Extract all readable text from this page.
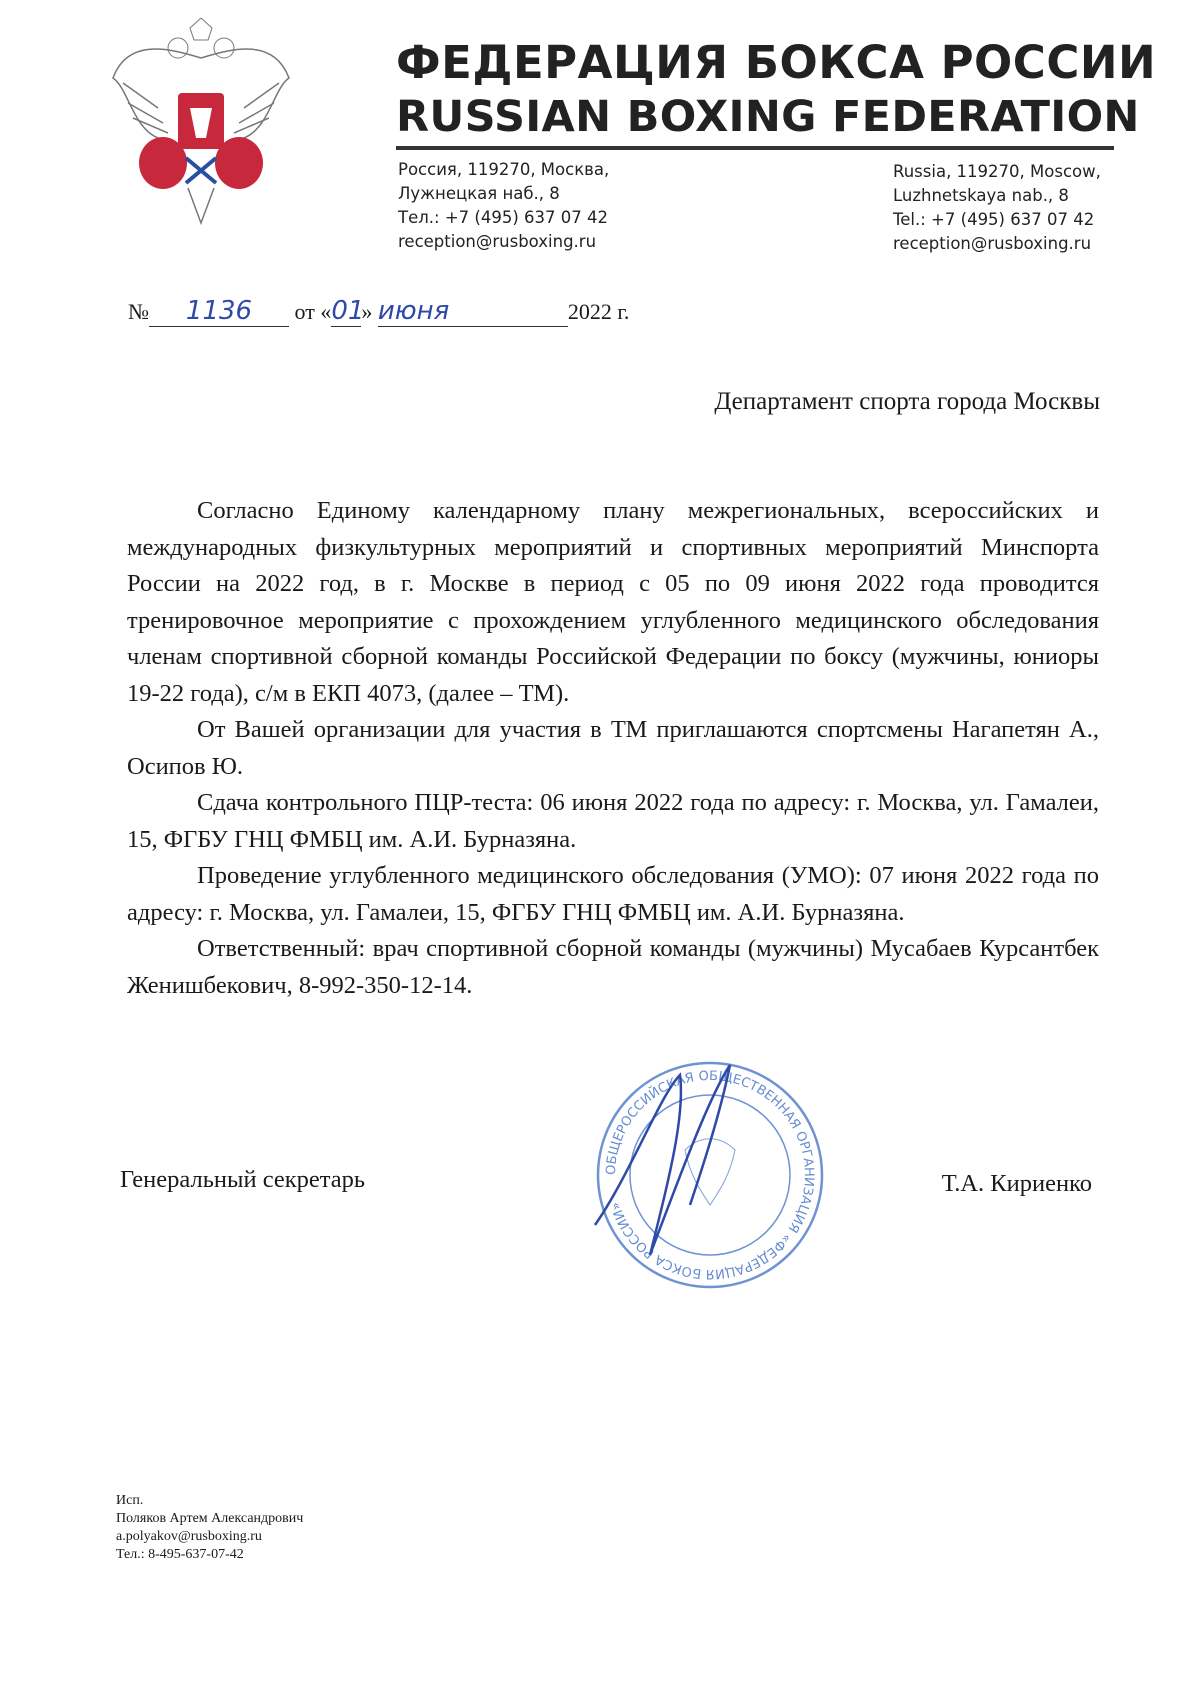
ФЕДЕРАЦИЯ БОКСА РОССИИ
RUSSIAN BOXING FEDERATION
Россия, 119270, Москва,
Лужнецкая наб., 8
Тел.: +7 (495) 637 07 42
reception@rusboxing.ru
Russia, 119270, Moscow,
Luzhnetskaya nab., 8
Tel.: +7 (495) 637 07 42
reception@rusboxing.ru
№ 1136 от «01» июня	2022 г.
Департамент спорта города Москвы

Согласно Единому календарному плану межрегиональных, всероссийских и международных физкультурных мероприятий и спортивных мероприятий Минспорта России на 2022 год, в г. Москве в период с 05 по 09 июня 2022 года проводится тренировочное мероприятие с прохождением углубленного медицинского обследования членам спортивной сборной команды Российской Федерации по боксу (мужчины, юниоры 19-22 года), с/м в ЕКП 4073, (далее – ТМ).

От Вашей организации для участия в ТМ приглашаются спортсмены Нагапетян А., Осипов Ю.

Сдача контрольного ПЦР-теста: 06 июня 2022 года по адресу: г. Москва, ул. Гамалеи, 15, ФГБУ ГНЦ ФМБЦ им. А.И. Бурназяна.

Проведение углубленного медицинского обследования (УМО): 07 июня 2022 года по адресу: г. Москва, ул. Гамалеи, 15, ФГБУ ГНЦ ФМБЦ им. А.И. Бурназяна.

Ответственный: врач спортивной сборной команды (мужчины) Мусабаев Курсантбек Женишбекович, 8-992-350-12-14.

Генеральный секретарь	Т.А. Кириенко
ОБЩЕРОССИЙСКАЯ ОБЩЕСТВЕННАЯ ОРГАНИЗАЦИЯ «ФЕДЕРАЦИЯ БОКСА РОССИИ»
Исп.
Поляков Артем Александрович
a.polyakov@rusboxing.ru
Тел.: 8-495-637-07-42
